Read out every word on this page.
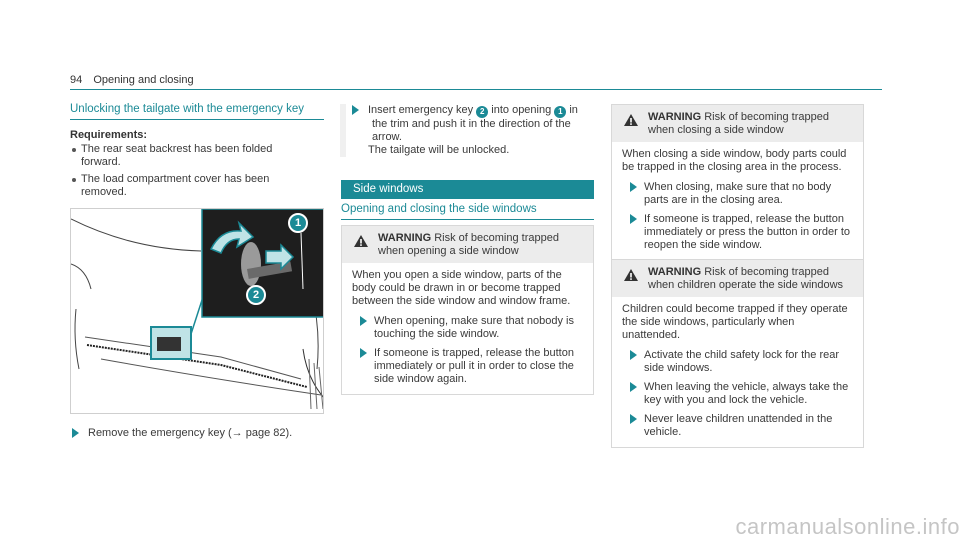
94 Opening and closing
Unlocking the tailgate with the emergency key
Requirements:
The rear seat backrest has been folded forward.
The load compartment cover has been removed.
1
2
Remove the emergency key (→ page 82).
Insert emergency key 2 into opening 1 in the trim and push it in the direction of the arrow.
The tailgate will be unlocked.
Side windows
Opening and closing the side windows
WARNING Risk of becoming trapped when opening a side window

When you open a side window, parts of the body could be drawn in or become trapped between the side window and window frame.

When opening, make sure that nobody is touching the side window.
If someone is trapped, release the button immediately or pull it in order to close the side window again.
WARNING Risk of becoming trapped when closing a side window

When closing a side window, body parts could be trapped in the closing area in the process.

When closing, make sure that no body parts are in the closing area.
If someone is trapped, release the button immediately or press the button in order to reopen the side window.
WARNING Risk of becoming trapped when children operate the side windows

Children could become trapped if they operate the side windows, particularly when unattended.

Activate the child safety lock for the rear side windows.
When leaving the vehicle, always take the key with you and lock the vehicle.
Never leave children unattended in the vehicle.
carmanualsonline.info
